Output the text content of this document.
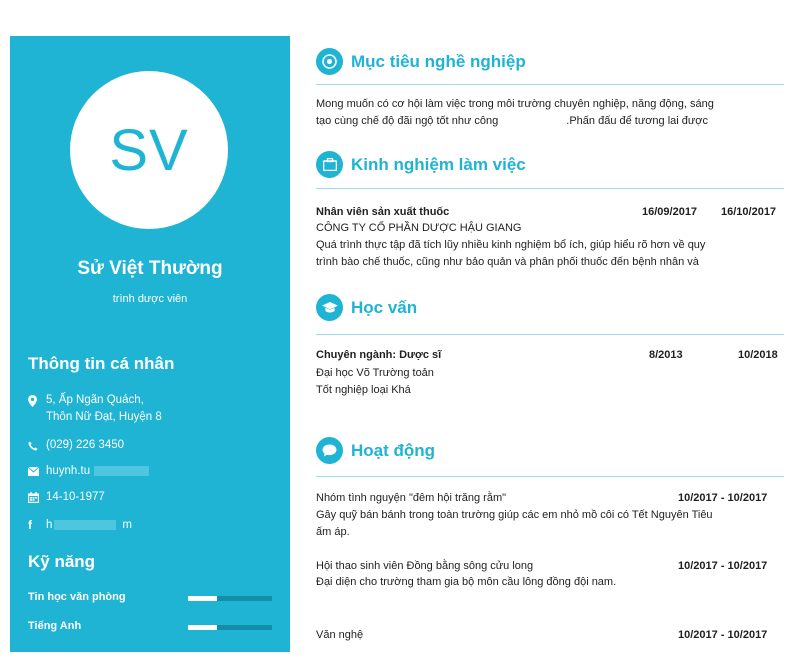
SV
Sử Việt Thường
trình dược viên
Thông tin cá nhân
5, Ấp Ngãn Quách,
Thôn Nữ Đạt, Huyện 8
(029) 226 3450
huynh.tu
14-10-1977
f h	m
Kỹ năng
Tin học văn phòng
Tiếng Anh
Mục tiêu nghề nghiệp
Mong muốn có cơ hội làm việc trong môi trường chuyên nghiệp, năng động, sáng
tạo cùng chế độ đãi ngộ tốt như công	.Phấn đấu để tương lai được
Kinh nghiệm làm việc
Nhân viên sản xuất thuốc	16/09/2017 16/10/2017
CÔNG TY CỔ PHẦN DƯỢC HẬU GIANG
Quá trình thực tập đã tích lũy nhiều kinh nghiệm bổ ích, giúp hiểu rõ hơn về quy
trình bào chế thuốc, cũng như bảo quản và phân phối thuốc đến bệnh nhân và
Học vấn
Chuyên ngành: Dược sĩ	8/2013	10/2018
Đại học Võ Trường toản
Tốt nghiệp loại Khá
Hoạt động
Nhóm tình nguyện "đêm hội trăng rằm"	10/2017 - 10/2017
Gây quỹ bán bánh trong toàn trường giúp các em nhỏ mồ côi có Tết Nguyên Tiêu
ấm áp.
Hội thao sinh viên Đồng bằng sông cửu long	10/2017 - 10/2017
Đại diện cho trường tham gia bộ môn cầu lông đồng đội nam.
Văn nghệ	10/2017 - 10/2017
